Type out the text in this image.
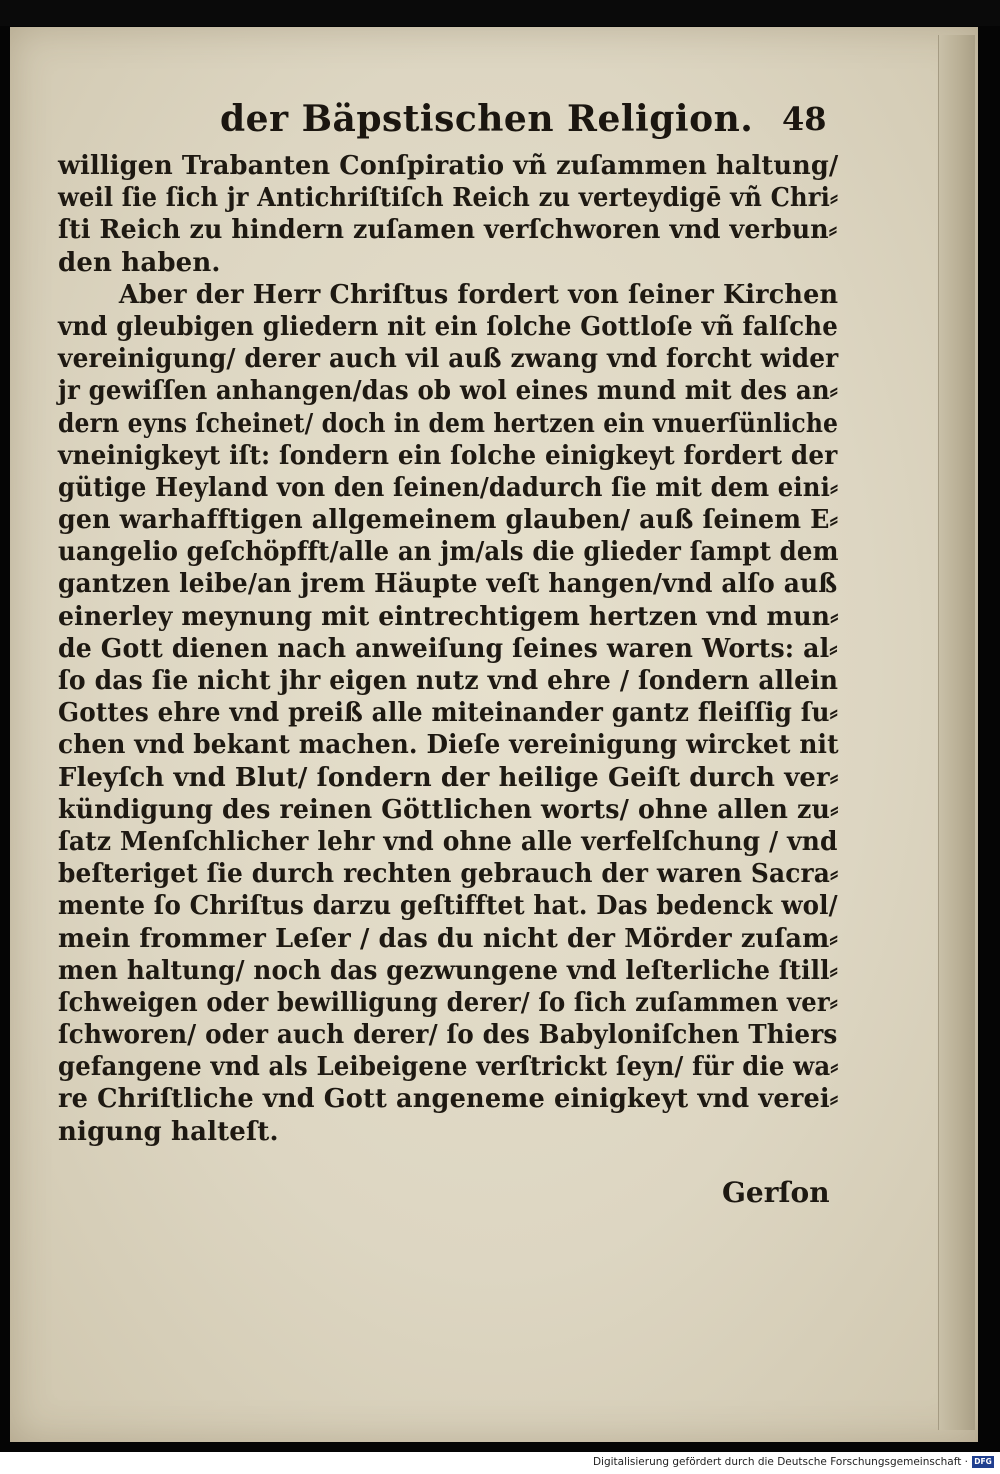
der Bäpstischen Religion. 48
willigen Trabanten Conſpiratio vñ zuſammen haltung/
weil ſie ſich jr Antichriſtiſch Reich zu verteydigē vñ Chri⸗
ſti Reich zu hindern zuſamen verſchworen vnd verbun⸗
den haben.
Aber der Herr Chriſtus fordert von ſeiner Kirchen
vnd gleubigen gliedern nit ein ſolche Gottloſe vñ falſche
vereinigung/ derer auch vil auß zwang vnd forcht wider
jr gewiſſen anhangen/das ob wol eines mund mit des an⸗
dern eyns ſcheinet/ doch in dem hertzen ein vnuerſünliche
vneinigkeyt iſt: ſondern ein ſolche einigkeyt fordert der
gütige Heyland von den ſeinen/dadurch ſie mit dem eini⸗
gen warhafftigen allgemeinem glauben/ auß ſeinem E⸗
uangelio geſchöpfft/alle an jm/als die glieder ſampt dem
gantzen leibe/an jrem Häupte veſt hangen/vnd alſo auß
einerley meynung mit eintrechtigem hertzen vnd mun⸗
de Gott dienen nach anweiſung ſeines waren Worts: al⸗
ſo das ſie nicht jhr eigen nutz vnd ehre / ſondern allein
Gottes ehre vnd preiß alle miteinander gantz fleiſſig ſu⸗
chen vnd bekant machen. Dieſe vereinigung wircket nit
Fleyſch vnd Blut/ ſondern der heilige Geiſt durch ver⸗
kündigung des reinen Göttlichen worts/ ohne allen zu⸗
ſatz Menſchlicher lehr vnd ohne alle verfelſchung / vnd
beſteriget ſie durch rechten gebrauch der waren Sacra⸗
mente ſo Chriſtus darzu geſtifftet hat. Das bedenck wol/
mein frommer Leſer / das du nicht der Mörder zuſam⸗
men haltung/ noch das gezwungene vnd leſterliche ſtill⸗
ſchweigen oder bewilligung derer/ ſo ſich zuſammen ver⸗
ſchworen/ oder auch derer/ ſo des Babyloniſchen Thiers
gefangene vnd als Leibeigene verſtrickt ſeyn/ für die wa⸗
re Chriſtliche vnd Gott angeneme einigkeyt vnd verei⸗
nigung halteſt.
Gerſon
Digitalisierung gefördert durch die Deutsche Forschungsgemeinschaft · DFG
